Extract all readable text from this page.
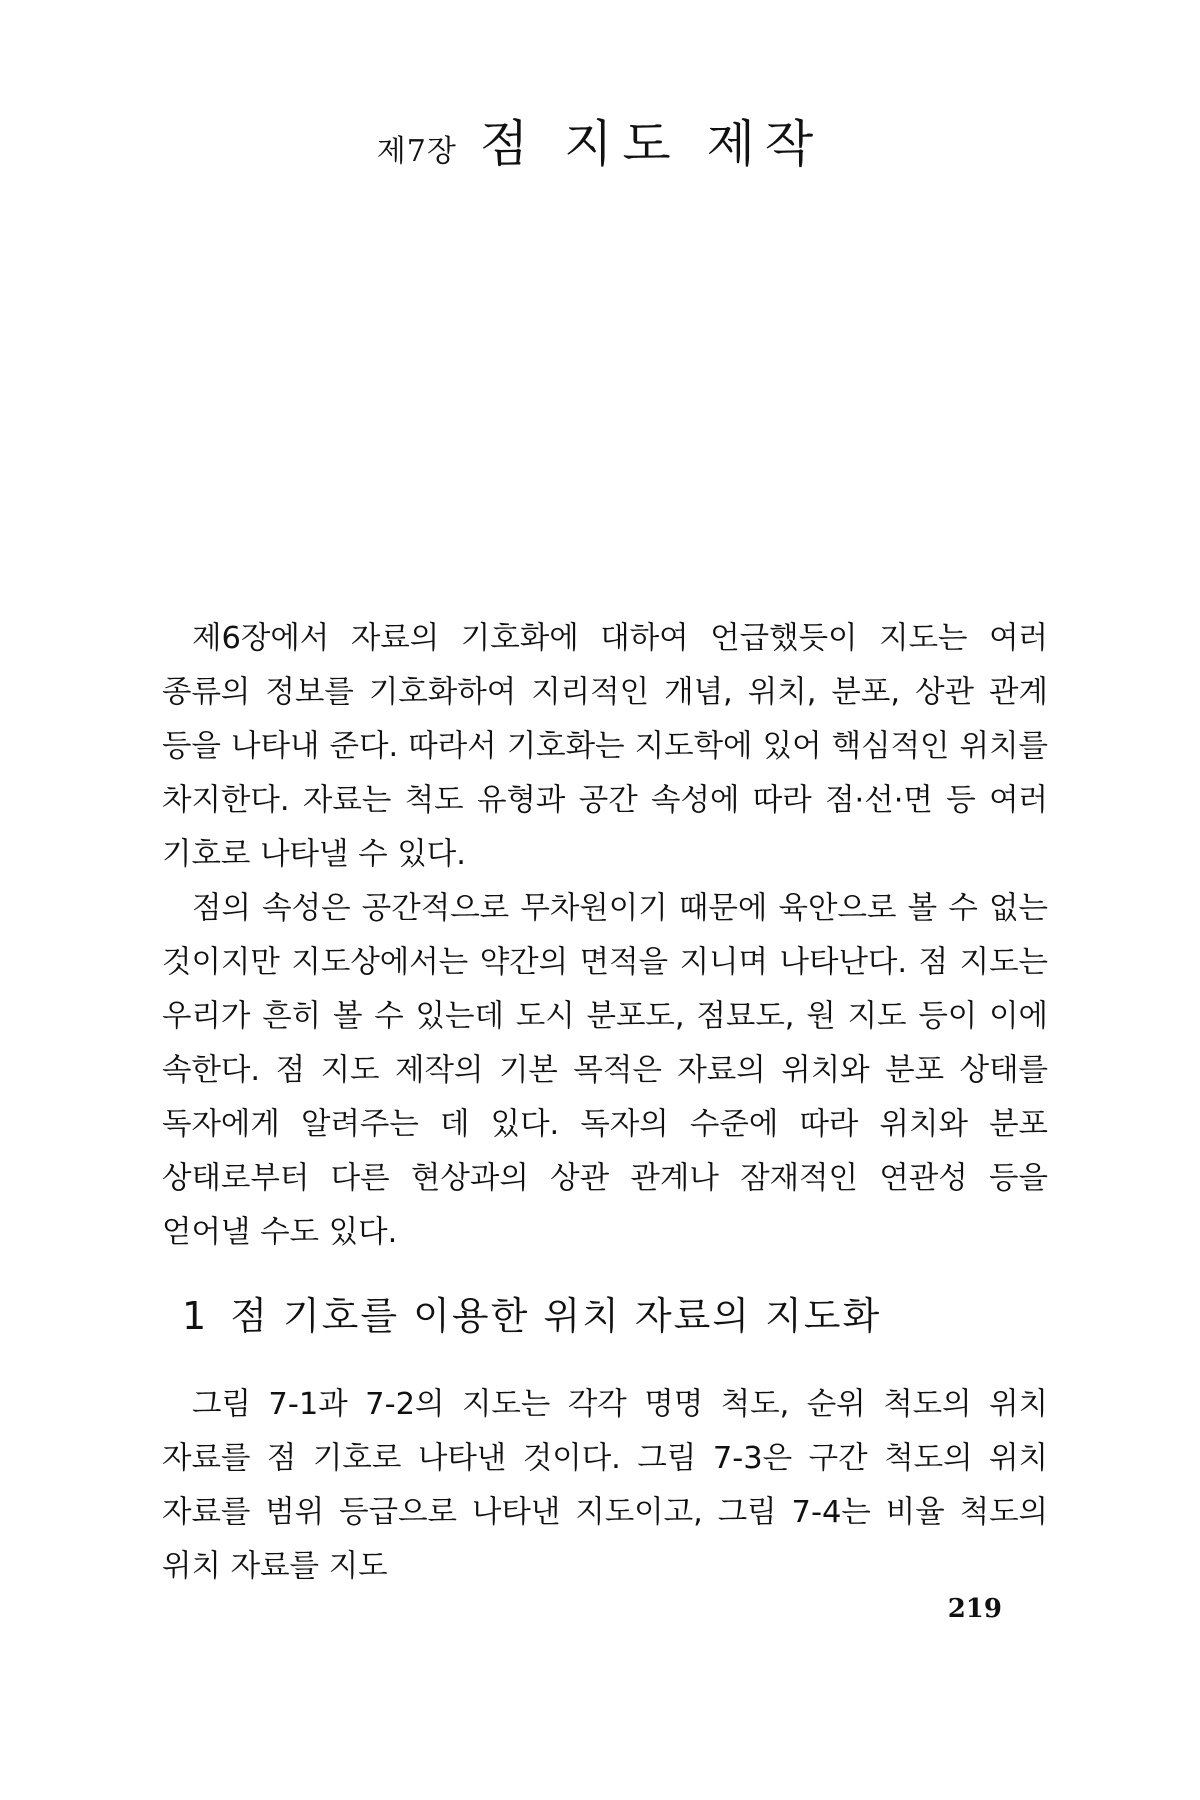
제7장 점 지도 제작

제6장에서 자료의 기호화에 대하여 언급했듯이 지도는 여러 종류의 정보를 기호화하여 지리적인 개념, 위치, 분포, 상관 관계 등을 나타내 준다. 따라서 기호화는 지도학에 있어 핵심적인 위치를 차지한다. 자료는 척도 유형과 공간 속성에 따라 점·선·면 등 여러 기호로 나타낼 수 있다.

점의 속성은 공간적으로 무차원이기 때문에 육안으로 볼 수 없는 것이지만 지도상에서는 약간의 면적을 지니며 나타난다. 점 지도는 우리가 흔히 볼 수 있는데 도시 분포도, 점묘도, 원 지도 등이 이에 속한다. 점 지도 제작의 기본 목적은 자료의 위치와 분포 상태를 독자에게 알려주는 데 있다. 독자의 수준에 따라 위치와 분포 상태로부터 다른 현상과의 상관 관계나 잠재적인 연관성 등을 얻어낼 수도 있다.

1 점 기호를 이용한 위치 자료의 지도화

그림 7-1과 7-2의 지도는 각각 명명 척도, 순위 척도의 위치 자료를 점 기호로 나타낸 것이다. 그림 7-3은 구간 척도의 위치 자료를 범위 등급으로 나타낸 지도이고, 그림 7-4는 비율 척도의 위치 자료를 지도

219
